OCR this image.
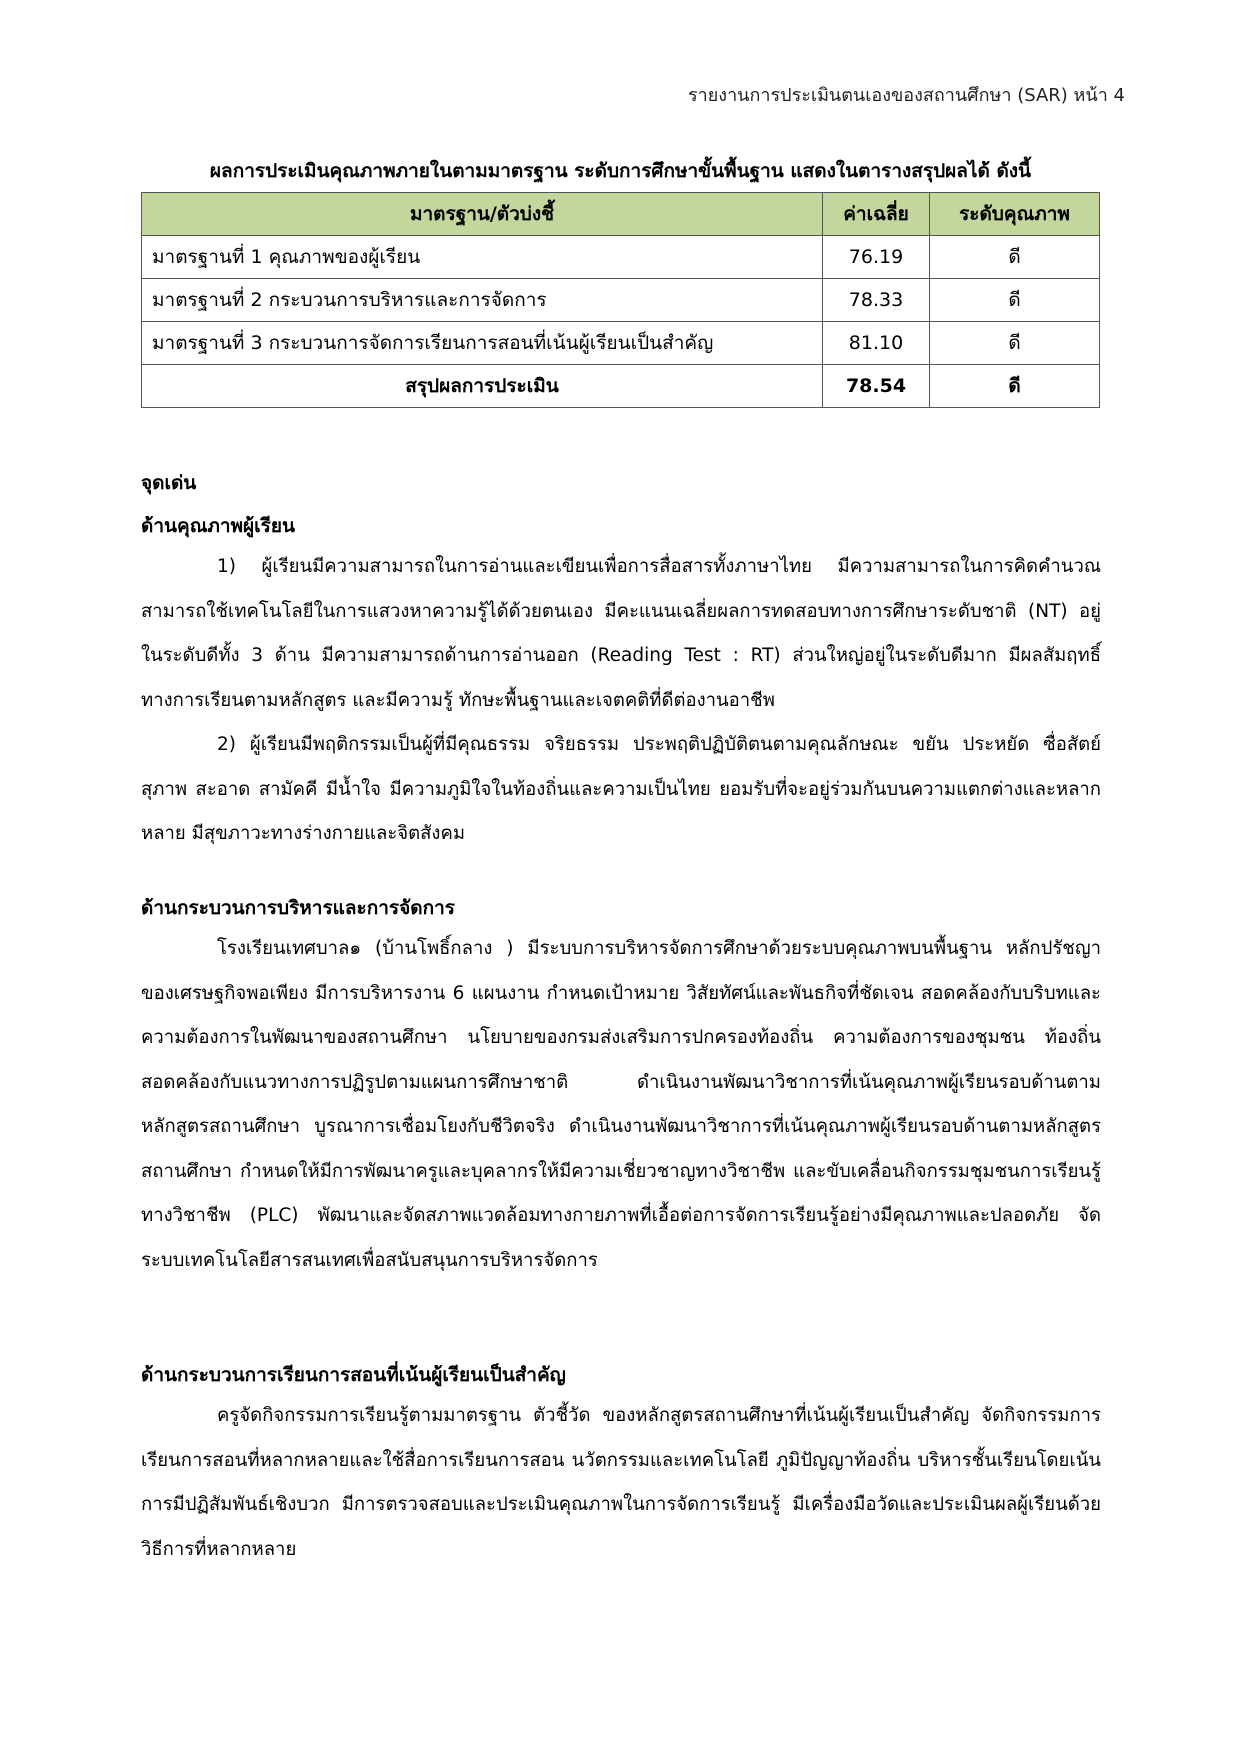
รายงานการประเมินตนเองของสถานศึกษา (SAR) หน้า 4
ผลการประเมินคุณภาพภายในตามมาตรฐาน ระดับการศึกษาขั้นพื้นฐาน แสดงในตารางสรุปผลได้ ดังนี้
มาตรฐาน/ตัวบ่งชี้	ค่าเฉลี่ย	ระดับคุณภาพ
มาตรฐานที่ 1 คุณภาพของผู้เรียน	76.19	ดี
มาตรฐานที่ 2 กระบวนการบริหารและการจัดการ	78.33	ดี
มาตรฐานที่ 3 กระบวนการจัดการเรียนการสอนที่เน้นผู้เรียนเป็นสำคัญ	81.10	ดี
สรุปผลการประเมิน	78.54	ดี
จุดเด่น
ด้านคุณภาพผู้เรียน
1) ผู้เรียนมีความสามารถในการอ่านและเขียนเพื่อการสื่อสารทั้งภาษาไทย มีความสามารถในการคิดคำนวณ สามารถใช้เทคโนโลยีในการแสวงหาความรู้ได้ด้วยตนเอง มีคะแนนเฉลี่ยผลการทดสอบทางการศึกษาระดับชาติ (NT) อยู่ในระดับดีทั้ง 3 ด้าน มีความสามารถด้านการอ่านออก (Reading Test : RT) ส่วนใหญ่อยู่ในระดับดีมาก มีผลสัมฤทธิ์ทางการเรียนตามหลักสูตร และมีความรู้ ทักษะพื้นฐานและเจตคติที่ดีต่องานอาชีพ
2) ผู้เรียนมีพฤติกรรมเป็นผู้ที่มีคุณธรรม จริยธรรม ประพฤติปฏิบัติตนตามคุณลักษณะ ขยัน ประหยัด ซื่อสัตย์ สุภาพ สะอาด สามัคคี มีน้ำใจ มีความภูมิใจในท้องถิ่นและความเป็นไทย ยอมรับที่จะอยู่ร่วมกันบนความแตกต่างและหลากหลาย มีสุขภาวะทางร่างกายและจิตสังคม
ด้านกระบวนการบริหารและการจัดการ
โรงเรียนเทศบาล๑ (บ้านโพธิ์กลาง ) มีระบบการบริหารจัดการศึกษาด้วยระบบคุณภาพบนพื้นฐาน หลักปรัชญาของเศรษฐกิจพอเพียง มีการบริหารงาน 6 แผนงาน กำหนดเป้าหมาย วิสัยทัศน์และพันธกิจที่ชัดเจน สอดคล้องกับบริบทและความต้องการในพัฒนาของสถานศึกษา นโยบายของกรมส่งเสริมการปกครองท้องถิ่น ความต้องการของชุมชน ท้องถิ่น สอดคล้องกับแนวทางการปฏิรูปตามแผนการศึกษาชาติ ดำเนินงานพัฒนาวิชาการที่เน้นคุณภาพผู้เรียนรอบด้านตามหลักสูตรสถานศึกษา บูรณาการเชื่อมโยงกับชีวิตจริง ดำเนินงานพัฒนาวิชาการที่เน้นคุณภาพผู้เรียนรอบด้านตามหลักสูตรสถานศึกษา กำหนดให้มีการพัฒนาครูและบุคลากรให้มีความเชี่ยวชาญทางวิชาชีพ และขับเคลื่อนกิจกรรมชุมชนการเรียนรู้ทางวิชาชีพ (PLC) พัฒนาและจัดสภาพแวดล้อมทางกายภาพที่เอื้อต่อการจัดการเรียนรู้อย่างมีคุณภาพและปลอดภัย จัดระบบเทคโนโลยีสารสนเทศเพื่อสนับสนุนการบริหารจัดการ
ด้านกระบวนการเรียนการสอนที่เน้นผู้เรียนเป็นสำคัญ
ครูจัดกิจกรรมการเรียนรู้ตามมาตรฐาน ตัวชี้วัด ของหลักสูตรสถานศึกษาที่เน้นผู้เรียนเป็นสำคัญ จัดกิจกรรมการเรียนการสอนที่หลากหลายและใช้สื่อการเรียนการสอน นวัตกรรมและเทคโนโลยี ภูมิปัญญาท้องถิ่น บริหารชั้นเรียนโดยเน้นการมีปฏิสัมพันธ์เชิงบวก มีการตรวจสอบและประเมินคุณภาพในการจัดการเรียนรู้ มีเครื่องมือวัดและประเมินผลผู้เรียนด้วยวิธีการที่หลากหลาย
